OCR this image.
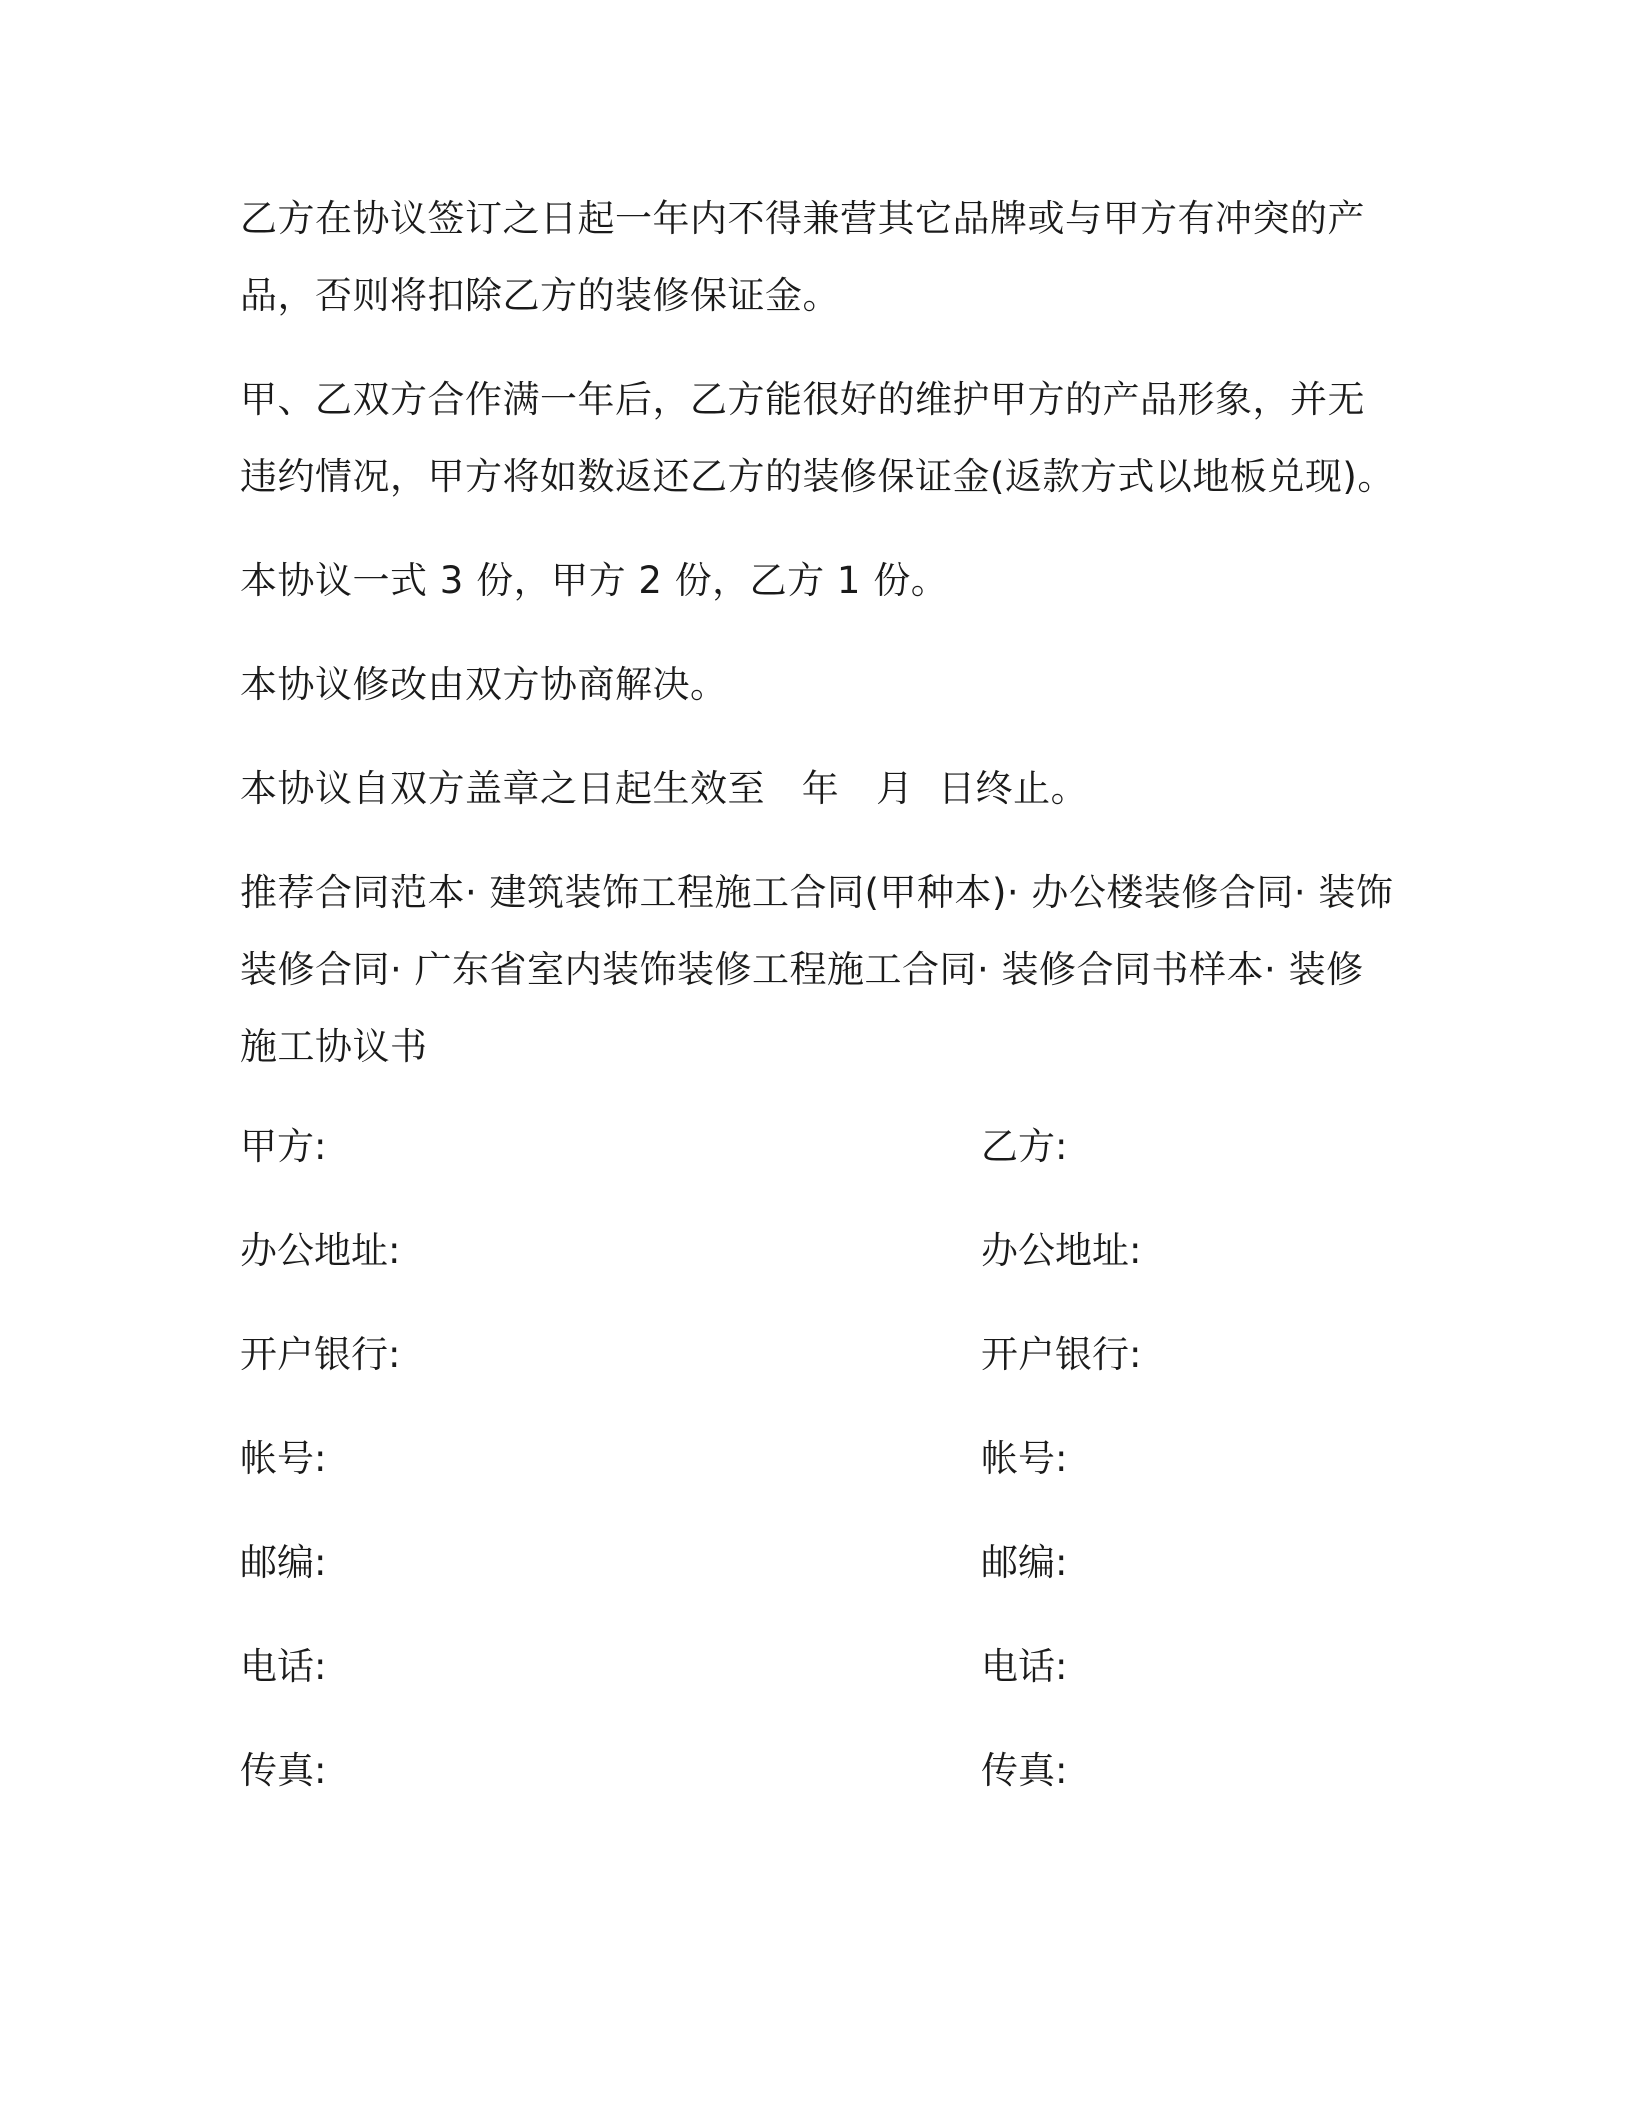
乙方在协议签订之日起一年内不得兼营其它品牌或与甲方有冲突的产品，否则将扣除乙方的装修保证金。

甲、乙双方合作满一年后，乙方能很好的维护甲方的产品形象，并无违约情况，甲方将如数返还乙方的装修保证金(返款方式以地板兑现)。

本协议一式 3 份，甲方 2 份，乙方 1 份。

本协议修改由双方协商解决。

本协议自双方盖章之日起生效至   年   月  日终止。

推荐合同范本· 建筑装饰工程施工合同(甲种本)· 办公楼装修合同· 装饰装修合同· 广东省室内装饰装修工程施工合同· 装修合同书样本· 装修施工协议书

甲方:	乙方:
办公地址:	办公地址:
开户银行:	开户银行:
帐号:	帐号:
邮编:	邮编:
电话:	电话:
传真:	传真:
